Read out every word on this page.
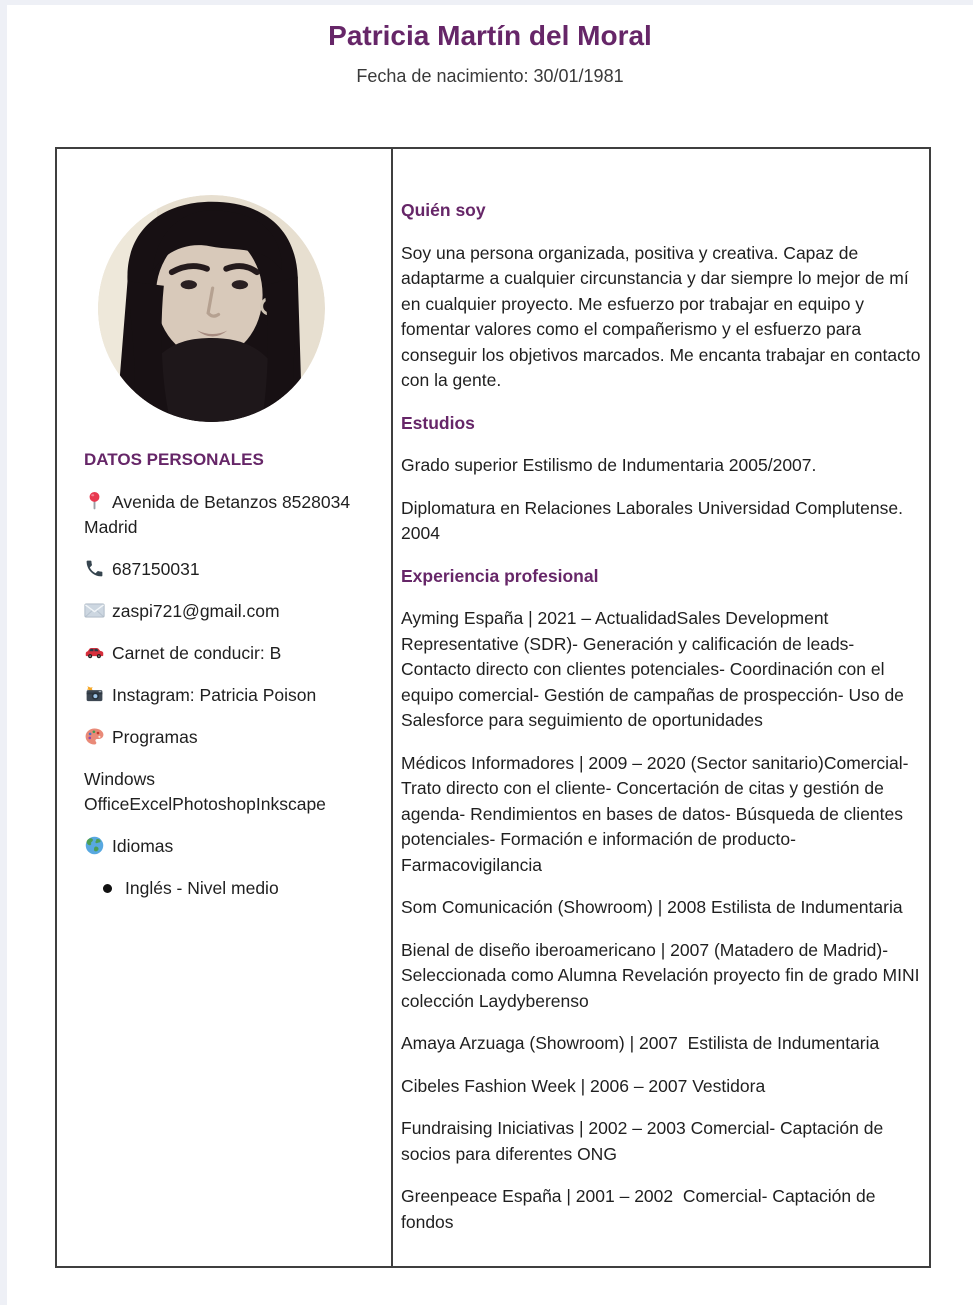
Patricia Martín del Moral
Fecha de nacimiento: 30/01/1981
DATOS PERSONALES
Avenida de Betanzos 8528034 Madrid
687150031
zaspi721@gmail.com
Carnet de conducir: B
Instagram: Patricia Poison
Programas
Windows OfficeExcelPhotoshopInkscape
Idiomas
Inglés - Nivel medio
Quién soy

Soy una persona organizada, positiva y creativa. Capaz de adaptarme a cualquier circunstancia y dar siempre lo mejor de mí en cualquier proyecto. Me esfuerzo por trabajar en equipo y fomentar valores como el compañerismo y el esfuerzo para conseguir los objetivos marcados. Me encanta trabajar en contacto con la gente.

Estudios

Grado superior Estilismo de Indumentaria 2005/2007.

Diplomatura en Relaciones Laborales Universidad Complutense. 2004

Experiencia profesional

Ayming España | 2021 – ActualidadSales Development Representative (SDR)- Generación y calificación de leads- Contacto directo con clientes potenciales- Coordinación con el equipo comercial- Gestión de campañas de prospección- Uso de Salesforce para seguimiento de oportunidades

Médicos Informadores | 2009 – 2020 (Sector sanitario)Comercial- Trato directo con el cliente- Concertación de citas y gestión de agenda- Rendimientos en bases de datos- Búsqueda de clientes potenciales- Formación e información de producto- Farmacovigilancia

Som Comunicación (Showroom) | 2008 Estilista de Indumentaria

Bienal de diseño iberoamericano | 2007 (Matadero de Madrid)- Seleccionada como Alumna Revelación proyecto fin de grado MINI colección Laydyberenso

Amaya Arzuaga (Showroom) | 2007  Estilista de Indumentaria

Cibeles Fashion Week | 2006 – 2007 Vestidora

Fundraising Iniciativas | 2002 – 2003 Comercial- Captación de socios para diferentes ONG

Greenpeace España | 2001 – 2002  Comercial- Captación de fondos
